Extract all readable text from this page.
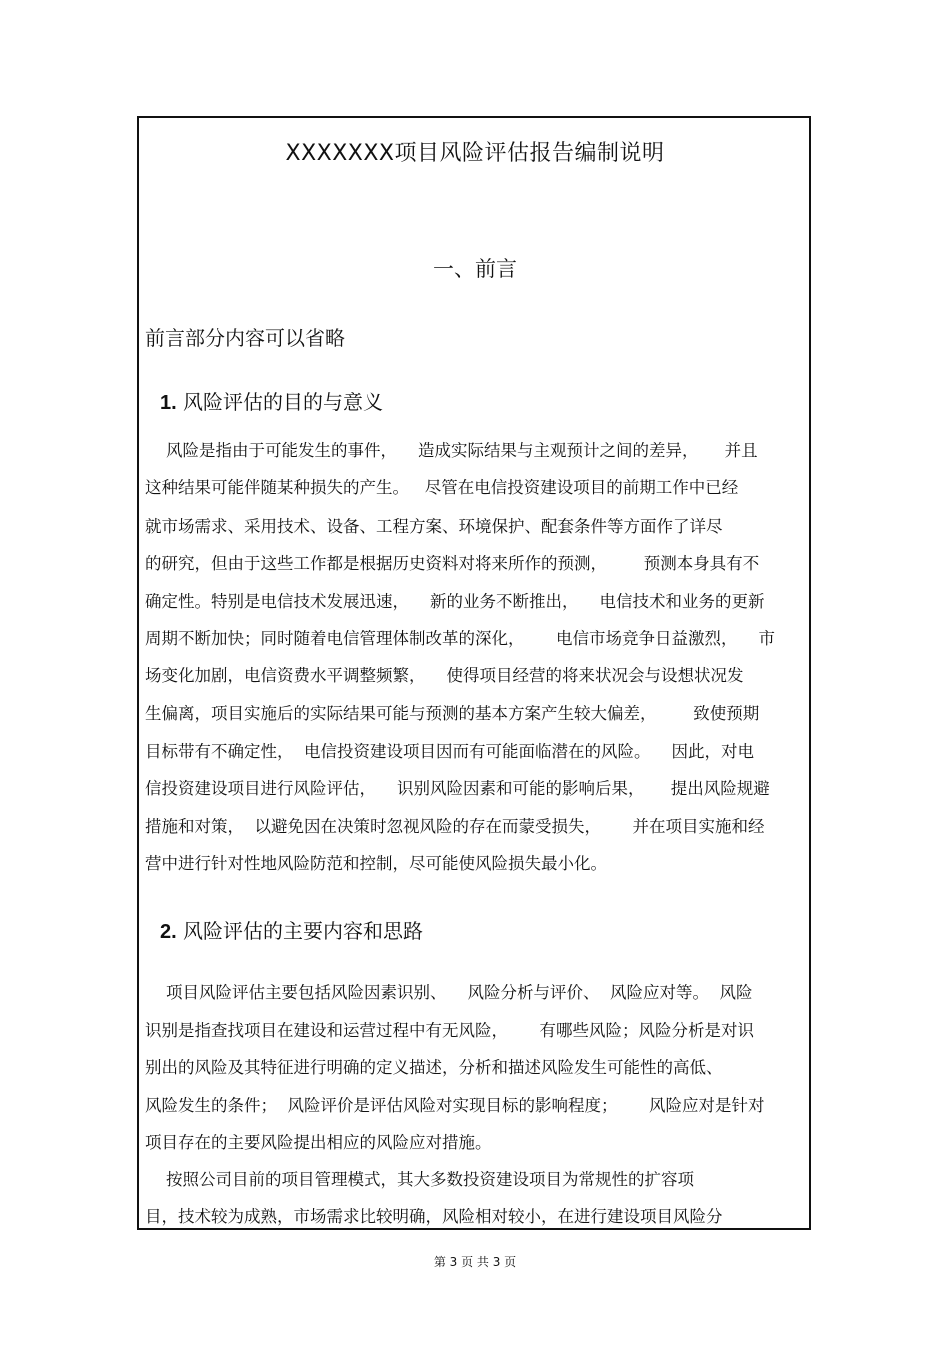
XXXXXXX项目风险评估报告编制说明
一、前言
前言部分内容可以省略
1. 风险评估的目的与意义
风险是指由于可能发生的事件，    造成实际结果与主观预计之间的差异，     并且
这种结果可能伴随某种损失的产生。   尽管在电信投资建设项目的前期工作中已经
就市场需求、采用技术、设备、工程方案、环境保护、配套条件等方面作了详尽
的研究，但由于这些工作都是根据历史资料对将来所作的预测，       预测本身具有不
确定性。特别是电信技术发展迅速，    新的业务不断推出，    电信技术和业务的更新
周期不断加快；同时随着电信管理体制改革的深化，      电信市场竞争日益激烈，    市
场变化加剧，电信资费水平调整频繁，    使得项目经营的将来状况会与设想状况发
生偏离，项目实施后的实际结果可能与预测的基本方案产生较大偏差，       致使预期
目标带有不确定性，  电信投资建设项目因而有可能面临潜在的风险。    因此，对电
信投资建设项目进行风险评估，    识别风险因素和可能的影响后果，     提出风险规避
措施和对策，  以避免因在决策时忽视风险的存在而蒙受损失，      并在项目实施和经
营中进行针对性地风险防范和控制，尽可能使风险损失最小化。
2. 风险评估的主要内容和思路
项目风险评估主要包括风险因素识别、    风险分析与评价、  风险应对等。  风险
识别是指查找项目在建设和运营过程中有无风险，      有哪些风险；风险分析是对识
别出的风险及其特征进行明确的定义描述，分析和描述风险发生可能性的高低、
风险发生的条件；  风险评价是评估风险对实现目标的影响程度；      风险应对是针对
项目存在的主要风险提出相应的风险应对措施。
按照公司目前的项目管理模式，其大多数投资建设项目为常规性的扩容项
目，技术较为成熟，市场需求比较明确，风险相对较小，在进行建设项目风险分
第 3 页 共 3 页
